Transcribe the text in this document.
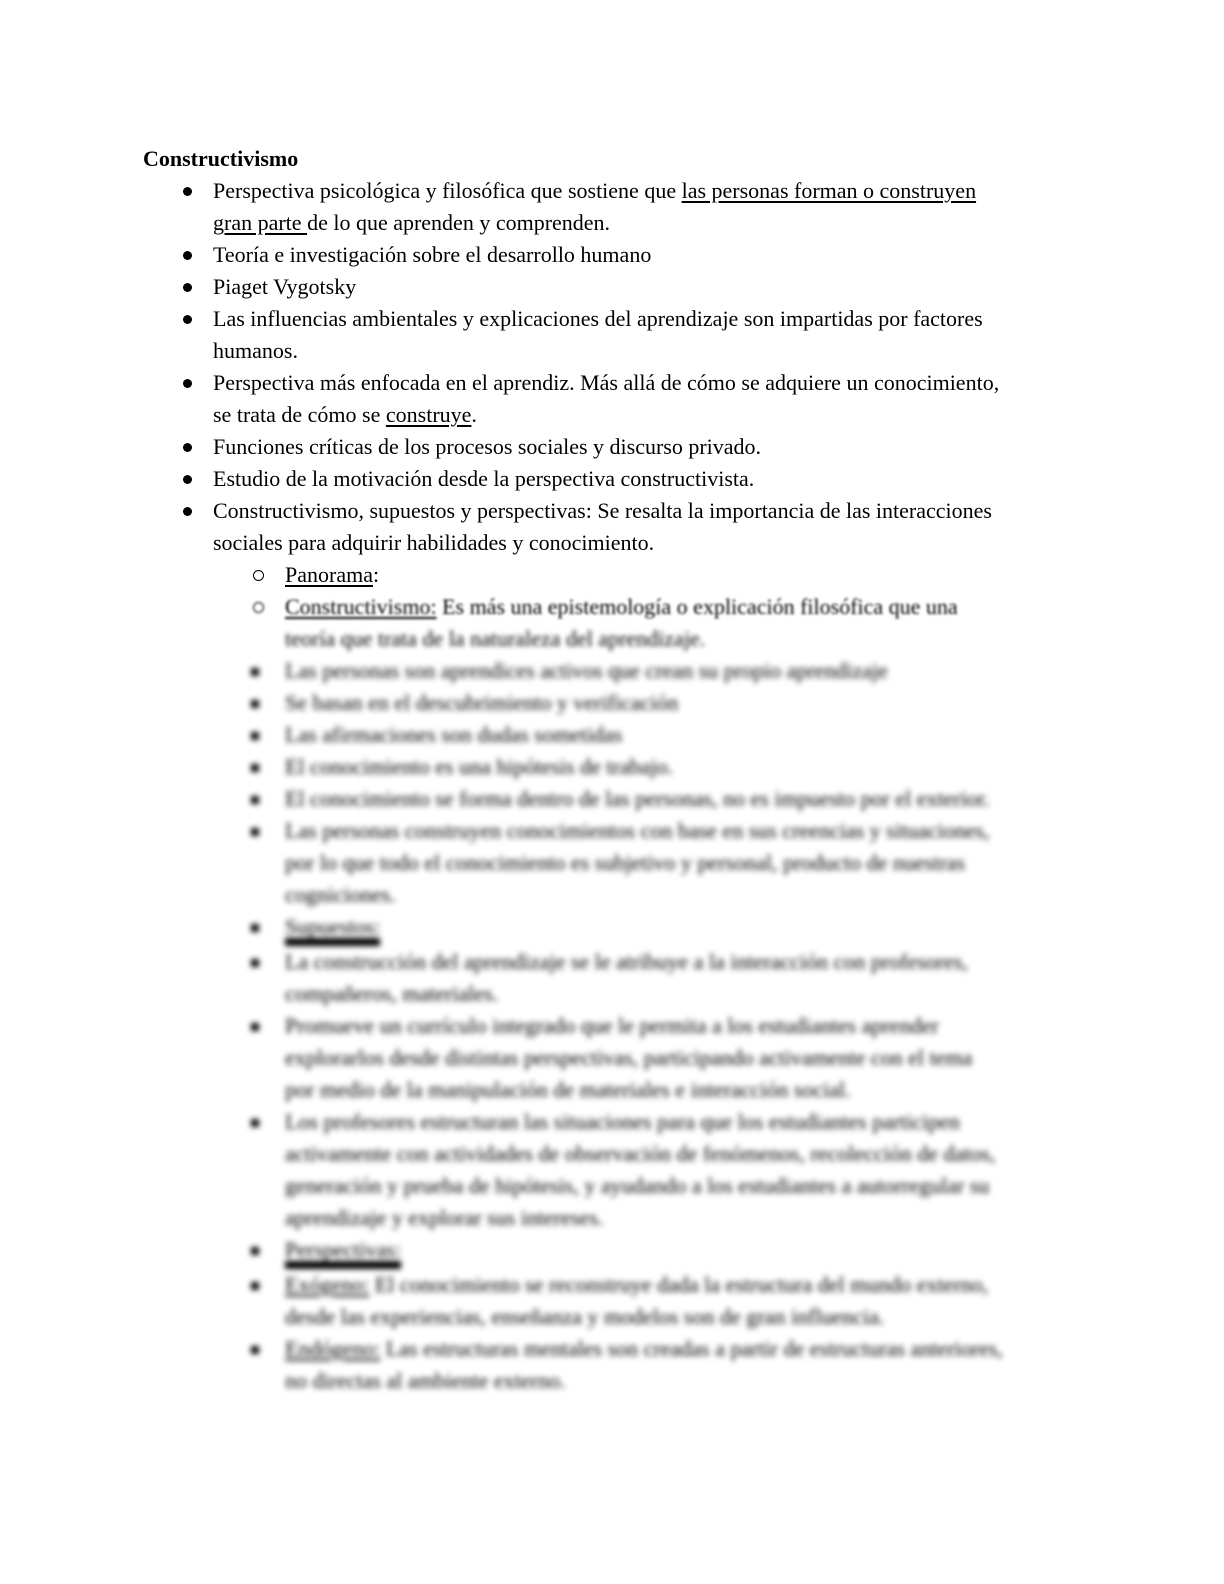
Constructivismo
Perspectiva psicológica y filosófica que sostiene que las personas forman o construyen
gran parte de lo que aprenden y comprenden.
Teoría e investigación sobre el desarrollo humano
Piaget Vygotsky
Las influencias ambientales y explicaciones del aprendizaje son impartidas por factores
humanos.
Perspectiva más enfocada en el aprendiz. Más allá de cómo se adquiere un conocimiento,
se trata de cómo se construye.
Funciones críticas de los procesos sociales y discurso privado.
Estudio de la motivación desde la perspectiva constructivista.
Constructivismo, supuestos y perspectivas: Se resalta la importancia de las interacciones
sociales para adquirir habilidades y conocimiento.
Panorama:
Constructivismo: Es más una epistemología o explicación filosófica que una
teoría que trata de la naturaleza del aprendizaje.
Las personas son aprendices activos que crean su propio aprendizaje
Se basan en el descubrimiento y verificación
Las afirmaciones son dudas sometidas
El conocimiento es una hipótesis de trabajo.
El conocimiento se forma dentro de las personas, no es impuesto por el exterior.
Las personas construyen conocimientos con base en sus creencias y situaciones,
por lo que todo el conocimiento es subjetivo y personal, producto de nuestras
cogniciones.
Supuestos:
La construcción del aprendizaje se le atribuye a la interacción con profesores,
compañeros, materiales.
Promueve un currículo integrado que le permita a los estudiantes aprender
explorarlos desde distintas perspectivas, participando activamente con el tema
por medio de la manipulación de materiales e interacción social.
Los profesores estructuran las situaciones para que los estudiantes participen
activamente con actividades de observación de fenómenos, recolección de datos,
generación y prueba de hipótesis, y ayudando a los estudiantes a autorregular su
aprendizaje y explorar sus intereses.
Perspectivas:
Exógeno: El conocimiento se reconstruye dada la estructura del mundo externo,
desde las experiencias, enseñanza y modelos son de gran influencia.
Endógeno: Las estructuras mentales son creadas a partir de estructuras anteriores,
no directas al ambiente externo.
